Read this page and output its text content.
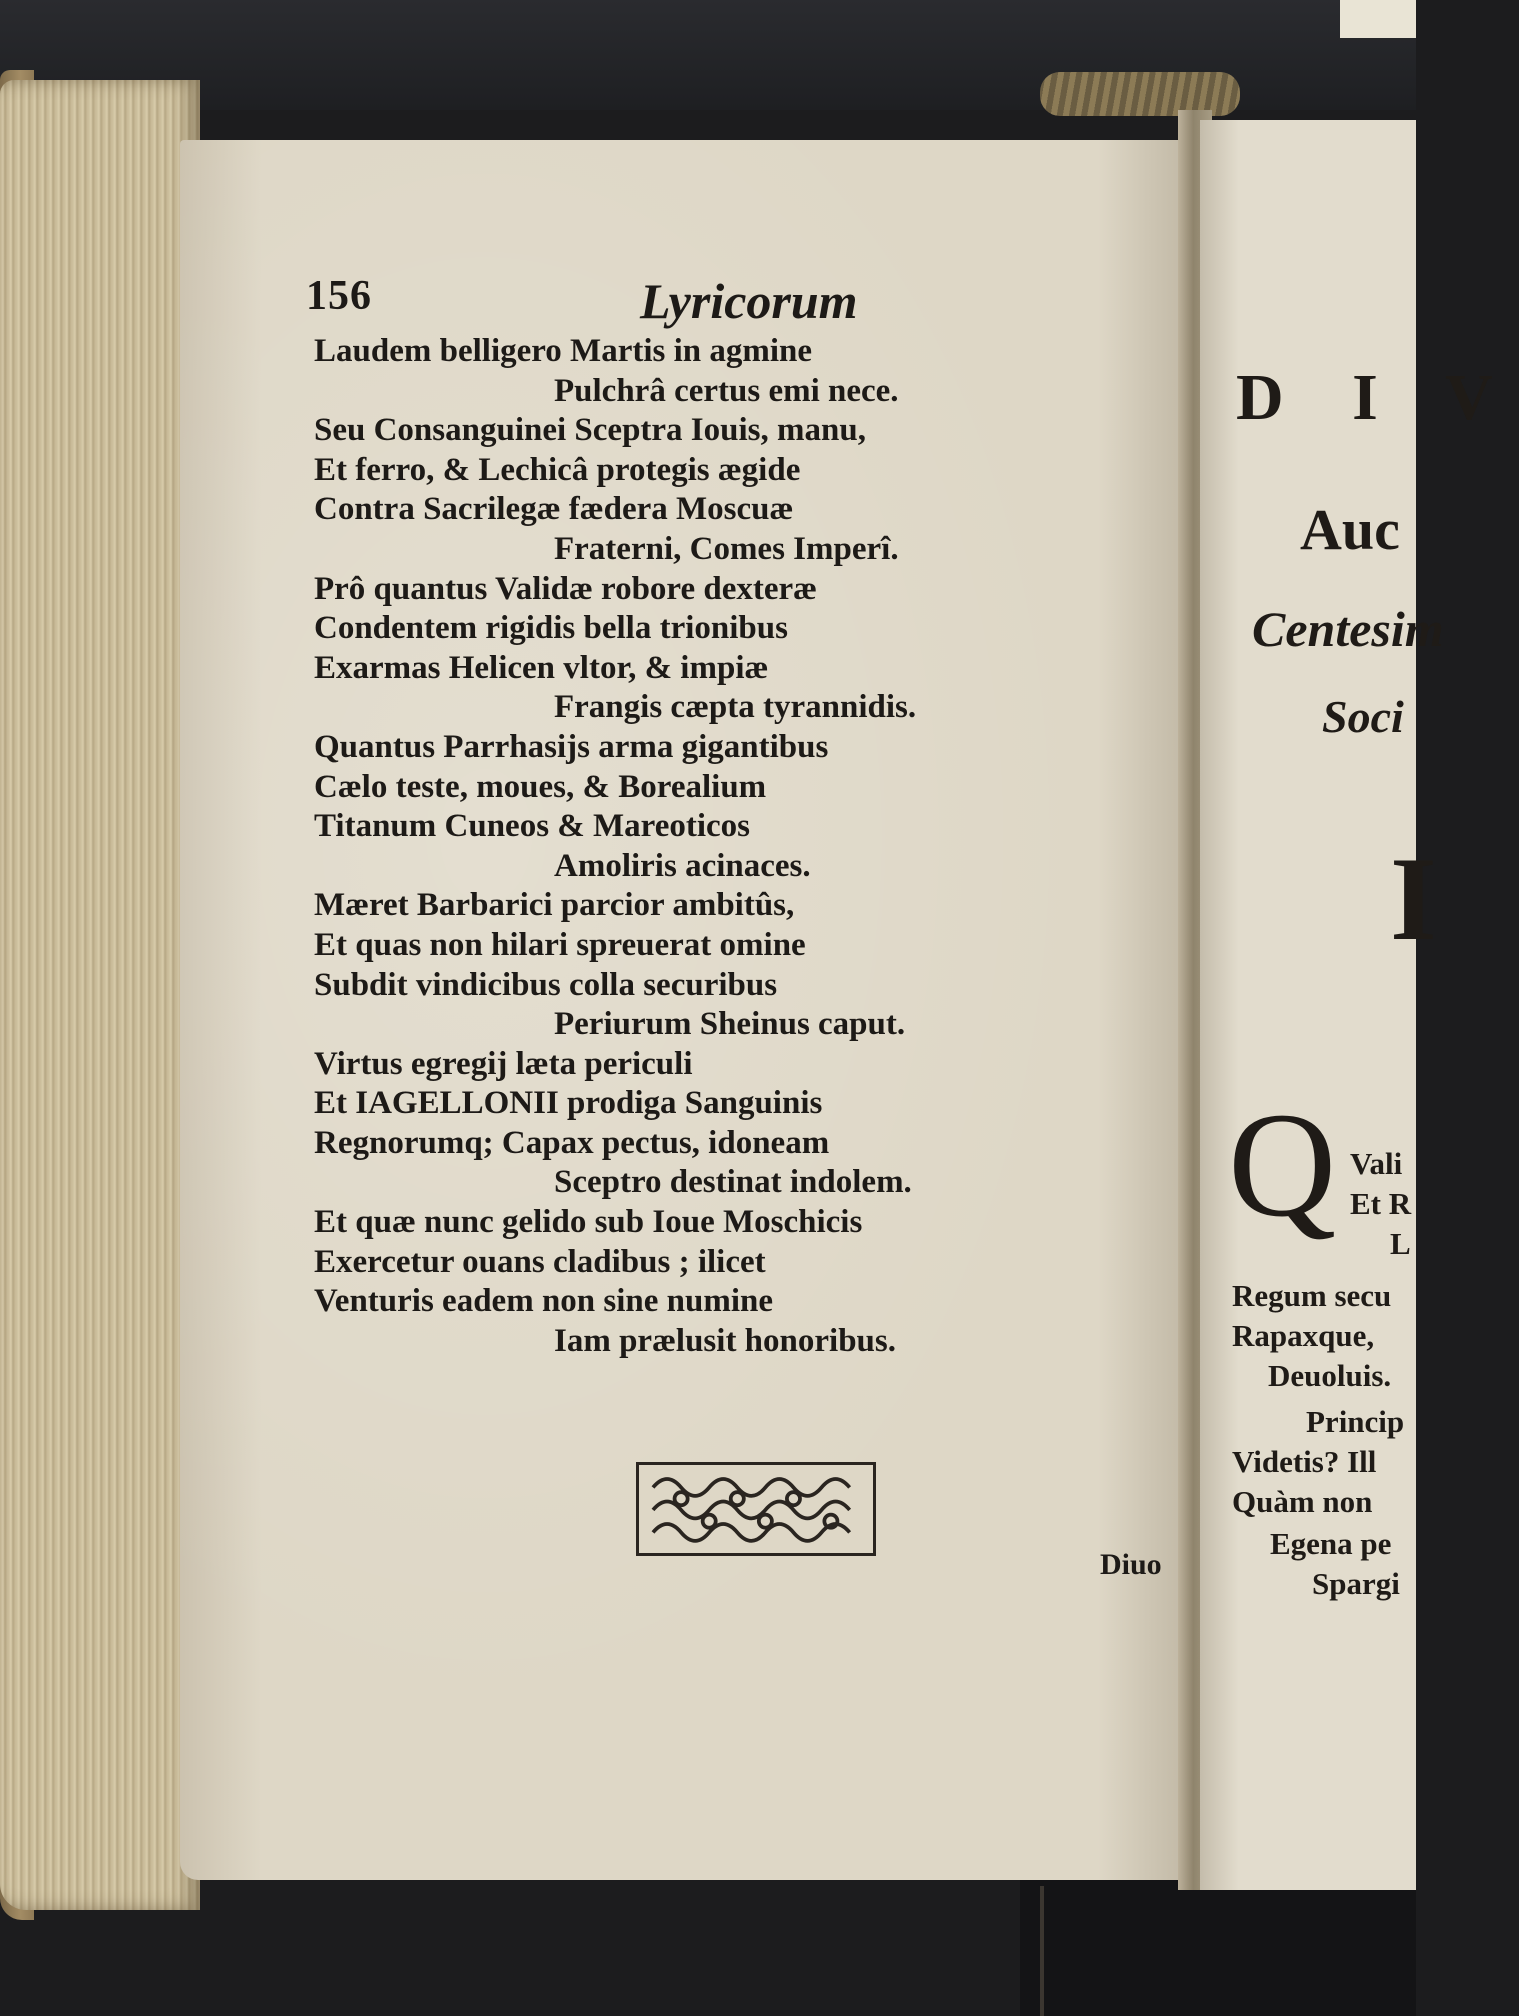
156	Lyricorum
Laudem belligero Martis in agmine
Pulchrâ certus emi nece.
Seu Consanguinei Sceptra Iouis, manu,
Et ferro, & Lechicâ protegis ægide
Contra Sacrilegæ fædera Moscuæ
Fraterni, Comes Imperî.
Prô quantus Validæ robore dexteræ
Condentem rigidis bella trionibus
Exarmas Helicen vltor, & impiæ
Frangis cæpta tyrannidis.
Quantus Parrhasijs arma gigantibus
Cælo teste, moues, & Borealium
Titanum Cuneos & Mareoticos
Amoliris acinaces.
Mæret Barbarici parcior ambitûs,
Et quas non hilari spreuerat omine
Subdit vindicibus colla securibus
Periurum Sheinus caput.
Virtus egregij læta periculi
Et IAGELLONII prodiga Sanguinis
Regnorumq; Capax pectus, idoneam
Sceptro destinat indolem.
Et quæ nunc gelido sub Ioue Moschicis
Exercetur ouans cladibus ; ilicet
Venturis eadem non sine numine
Iam prælusit honoribus.
Diuo
D I V
Auc
Centesim
Soci
I
Q Vali
Et R
L
Regum secu
Rapaxque,
Deuoluis.
Princip
Videtis? Ill
Quàm non
Egena pe
Spargi
